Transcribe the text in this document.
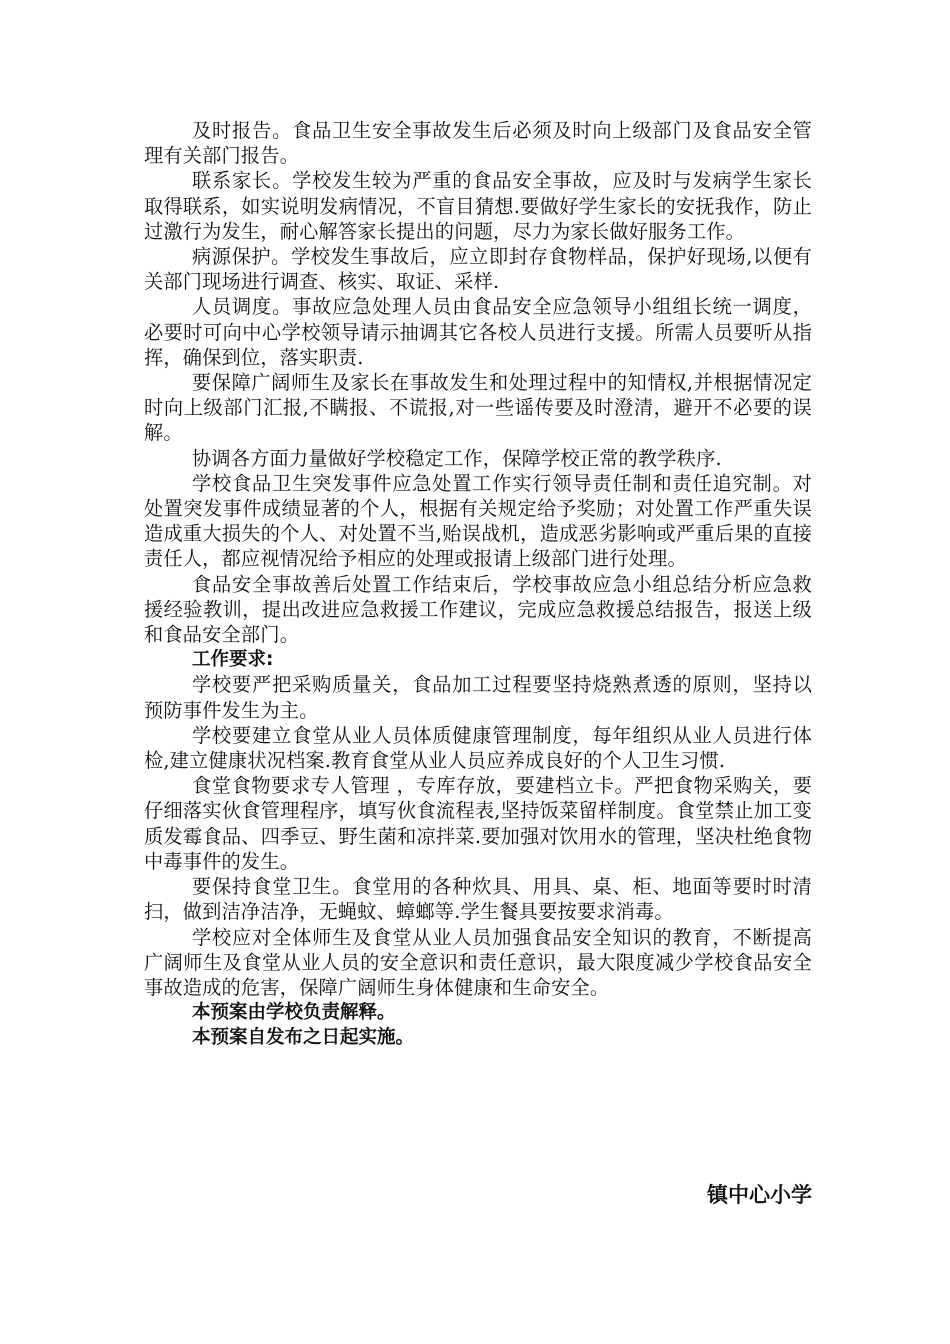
及时报告。食品卫生安全事故发生后必须及时向上级部门及食品安全管理有关部门报告。

联系家长。学校发生较为严重的食品安全事故，应及时与发病学生家长取得联系，如实说明发病情况，不盲目猜想.要做好学生家长的安抚我作，防止过激行为发生，耐心解答家长提出的问题，尽力为家长做好服务工作。

病源保护。学校发生事故后，应立即封存食物样品，保护好现场,以便有关部门现场进行调查、核实、取证、采样.

人员调度。事故应急处理人员由食品安全应急领导小组组长统一调度，必要时可向中心学校领导请示抽调其它各校人员进行支援。所需人员要听从指挥，确保到位，落实职责.

要保障广阔师生及家长在事故发生和处理过程中的知情权,并根据情况定时向上级部门汇报,不瞒报、不谎报,对一些谣传要及时澄清，避开不必要的误解。

协调各方面力量做好学校稳定工作，保障学校正常的教学秩序.

学校食品卫生突发事件应急处置工作实行领导责任制和责任追究制。对处置突发事件成绩显著的个人，根据有关规定给予奖励；对处置工作严重失误造成重大损失的个人、对处置不当,贻误战机，造成恶劣影响或严重后果的直接责任人，都应视情况给予相应的处理或报请上级部门进行处理。

食品安全事故善后处置工作结束后，学校事故应急小组总结分析应急救援经验教训，提出改进应急救援工作建议，完成应急救援总结报告，报送上级和食品安全部门。

工作要求:

学校要严把采购质量关，食品加工过程要坚持烧熟煮透的原则，坚持以预防事件发生为主。

学校要建立食堂从业人员体质健康管理制度，每年组织从业人员进行体检,建立健康状况档案.教育食堂从业人员应养成良好的个人卫生习惯.

食堂食物要求专人管理 ，专库存放，要建档立卡。严把食物采购关，要仔细落实伙食管理程序，填写伙食流程表,坚持饭菜留样制度。食堂禁止加工变质发霉食品、四季豆、野生菌和凉拌菜.要加强对饮用水的管理，坚决杜绝食物中毒事件的发生。

要保持食堂卫生。食堂用的各种炊具、用具、桌、柜、地面等要时时清扫，做到洁净洁净，无蝇蚊、蟑螂等.学生餐具要按要求消毒。

学校应对全体师生及食堂从业人员加强食品安全知识的教育，不断提高广阔师生及食堂从业人员的安全意识和责任意识，最大限度减少学校食品安全事故造成的危害，保障广阔师生身体健康和生命安全。

本预案由学校负责解释。

本预案自发布之日起实施。

镇中心小学
